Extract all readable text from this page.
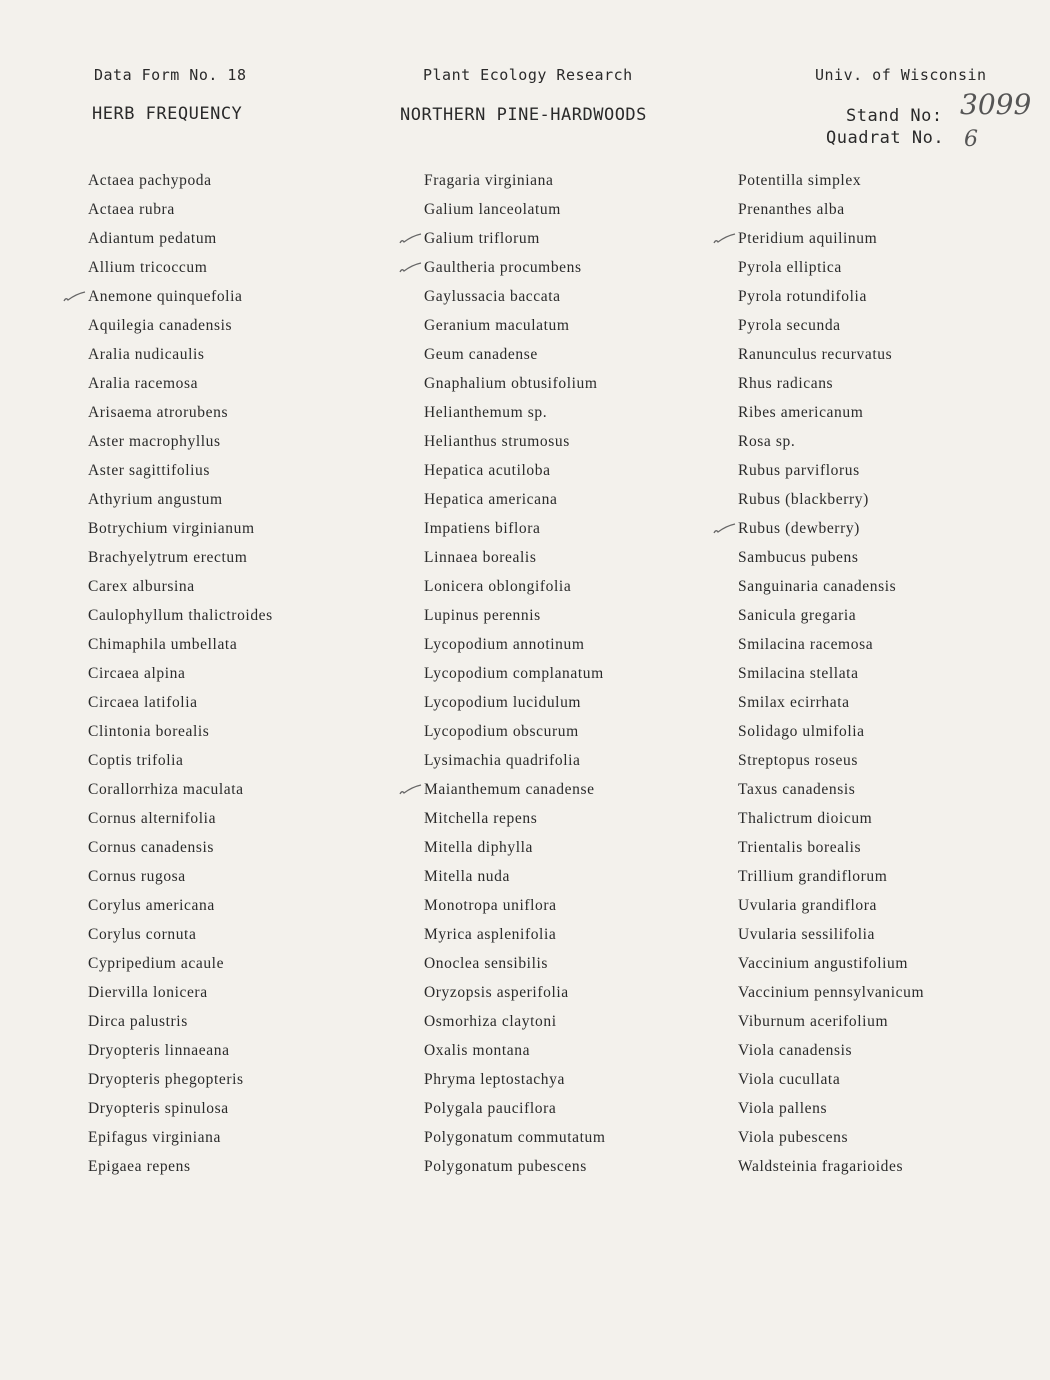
Data Form No. 18	Plant Ecology Research	Univ. of Wisconsin
HERB FREQUENCY	NORTHERN PINE-HARDWOODS	Stand No: 3099
Quadrat No. 6
Actaea pachypoda
Actaea rubra
Adiantum pedatum
Allium tricoccum
Anemone quinquefolia
Aquilegia canadensis
Aralia nudicaulis
Aralia racemosa
Arisaema atrorubens
Aster macrophyllus
Aster sagittifolius
Athyrium angustum
Botrychium virginianum
Brachyelytrum erectum
Carex albursina
Caulophyllum thalictroides
Chimaphila umbellata
Circaea alpina
Circaea latifolia
Clintonia borealis
Coptis trifolia
Corallorrhiza maculata
Cornus alternifolia
Cornus canadensis
Cornus rugosa
Corylus americana
Corylus cornuta
Cypripedium acaule
Diervilla lonicera
Dirca palustris
Dryopteris linnaeana
Dryopteris phegopteris
Dryopteris spinulosa
Epifagus virginiana
Epigaea repens
Fragaria virginiana
Galium lanceolatum
Galium triflorum
Gaultheria procumbens
Gaylussacia baccata
Geranium maculatum
Geum canadense
Gnaphalium obtusifolium
Helianthemum sp.
Helianthus strumosus
Hepatica acutiloba
Hepatica americana
Impatiens biflora
Linnaea borealis
Lonicera oblongifolia
Lupinus perennis
Lycopodium annotinum
Lycopodium complanatum
Lycopodium lucidulum
Lycopodium obscurum
Lysimachia quadrifolia
Maianthemum canadense
Mitchella repens
Mitella diphylla
Mitella nuda
Monotropa uniflora
Myrica asplenifolia
Onoclea sensibilis
Oryzopsis asperifolia
Osmorhiza claytoni
Oxalis montana
Phryma leptostachya
Polygala pauciflora
Polygonatum commutatum
Polygonatum pubescens
Potentilla simplex
Prenanthes alba
Pteridium aquilinum
Pyrola elliptica
Pyrola rotundifolia
Pyrola secunda
Ranunculus recurvatus
Rhus radicans
Ribes americanum
Rosa sp.
Rubus parviflorus
Rubus (blackberry)
Rubus (dewberry)
Sambucus pubens
Sanguinaria canadensis
Sanicula gregaria
Smilacina racemosa
Smilacina stellata
Smilax ecirrhata
Solidago ulmifolia
Streptopus roseus
Taxus canadensis
Thalictrum dioicum
Trientalis borealis
Trillium grandiflorum
Uvularia grandiflora
Uvularia sessilifolia
Vaccinium angustifolium
Vaccinium pennsylvanicum
Viburnum acerifolium
Viola canadensis
Viola cucullata
Viola pallens
Viola pubescens
Waldsteinia fragarioides
